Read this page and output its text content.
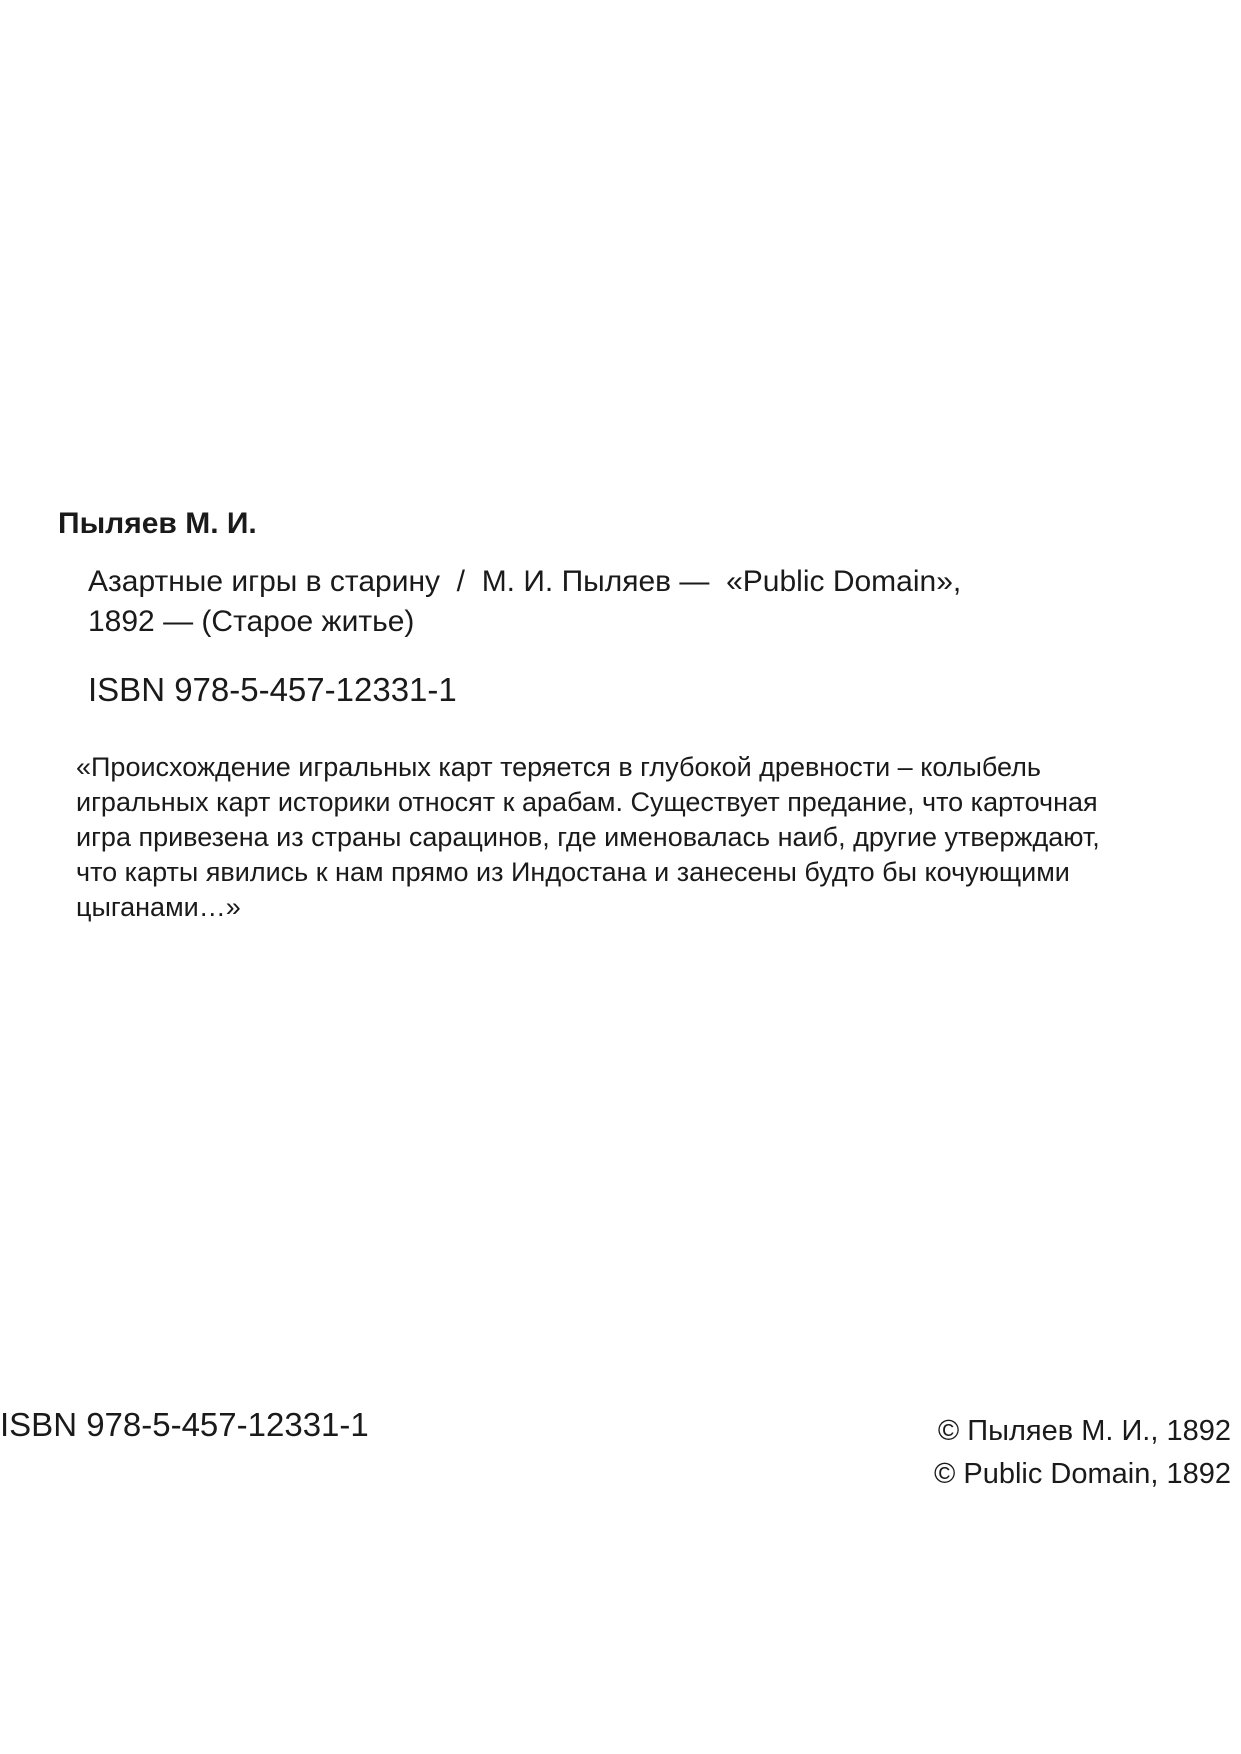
Пыляев М. И.
Азартные игры в старину  /  М. И. Пыляев —  «Public Domain»,
1892 — (Старое житье)
ISBN 978-5-457-12331-1
«Происхождение игральных карт теряется в глубокой древности – колыбель
игральных карт историки относят к арабам. Существует предание, что карточная
игра привезена из страны сарацинов, где именовалась наиб, другие утверждают,
что карты явились к нам прямо из Индостана и занесены будто бы кочующими
цыганами…»
ISBN 978-5-457-12331-1	© Пыляев М. И., 1892
© Public Domain, 1892
